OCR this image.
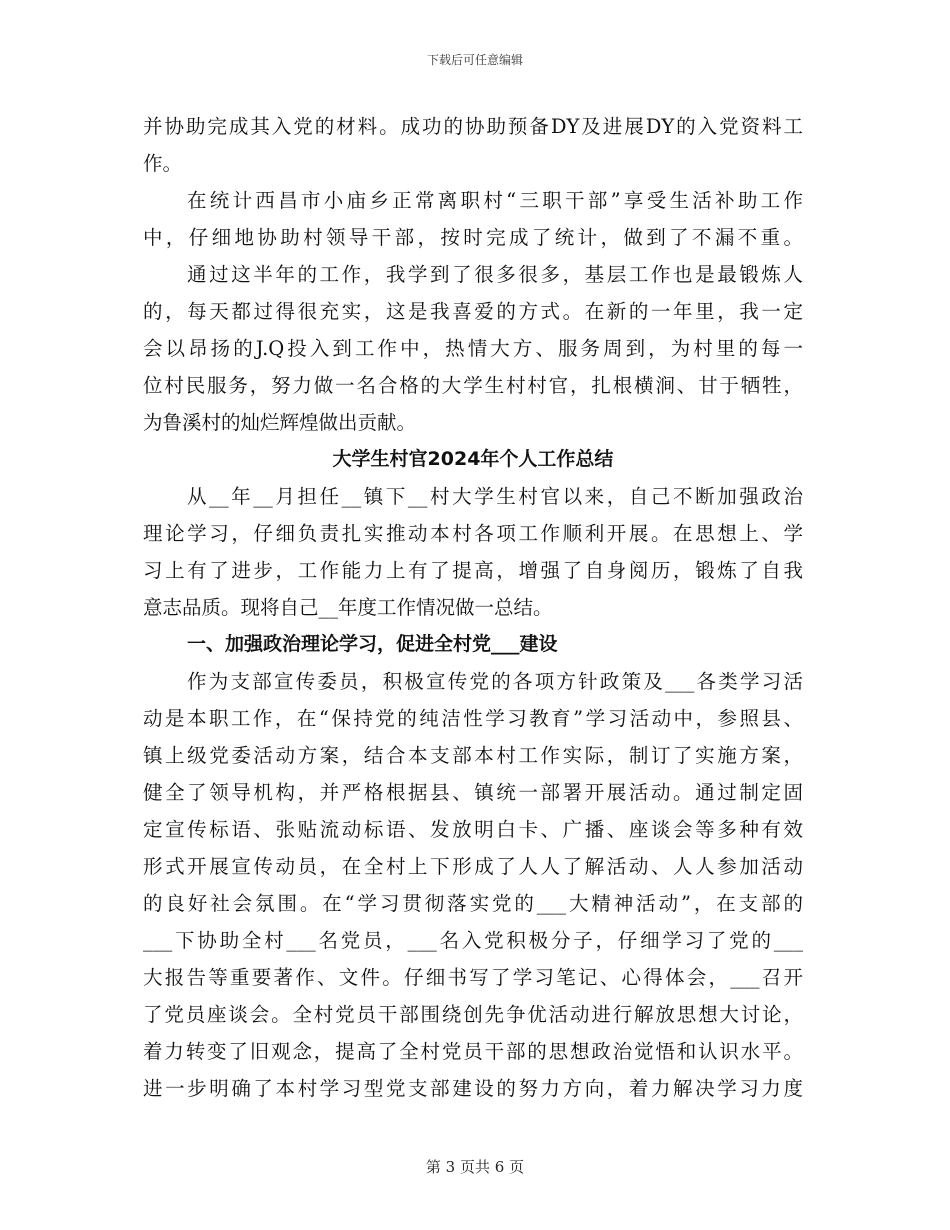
下载后可任意编辑
并协助完成其入党的材料。成功的协助预备DY及进展DY的入党资料工
作。
在统计西昌市小庙乡正常离职村“三职干部”享受生活补助工作
中，仔细地协助村领导干部，按时完成了统计，做到了不漏不重。
通过这半年的工作，我学到了很多很多，基层工作也是最锻炼人
的，每天都过得很充实，这是我喜爱的方式。在新的一年里，我一定
会以昂扬的J.Q投入到工作中，热情大方、服务周到，为村里的每一
位村民服务，努力做一名合格的大学生村村官，扎根横涧、甘于牺牲，
为鲁溪村的灿烂辉煌做出贡献。
大学生村官2024年个人工作总结
从__年__月担任__镇下__村大学生村官以来，自己不断加强政治
理论学习，仔细负责扎实推动本村各项工作顺利开展。在思想上、学
习上有了进步，工作能力上有了提高，增强了自身阅历，锻炼了自我
意志品质。现将自己__年度工作情况做一总结。
一、加强政治理论学习，促进全村党___建设
作为支部宣传委员，积极宣传党的各项方针政策及___各类学习活
动是本职工作，在“保持党的纯洁性学习教育”学习活动中，参照县、
镇上级党委活动方案，结合本支部本村工作实际，制订了实施方案，
健全了领导机构，并严格根据县、镇统一部署开展活动。通过制定固
定宣传标语、张贴流动标语、发放明白卡、广播、座谈会等多种有效
形式开展宣传动员，在全村上下形成了人人了解活动、人人参加活动
的良好社会氛围。在“学习贯彻落实党的___大精神活动”，在支部的
___下协助全村___名党员，___名入党积极分子，仔细学习了党的___
大报告等重要著作、文件。仔细书写了学习笔记、心得体会，___召开
了党员座谈会。全村党员干部围绕创先争优活动进行解放思想大讨论，
着力转变了旧观念，提高了全村党员干部的思想政治觉悟和认识水平。
进一步明确了本村学习型党支部建设的努力方向，着力解决学习力度
第 3 页共 6 页
